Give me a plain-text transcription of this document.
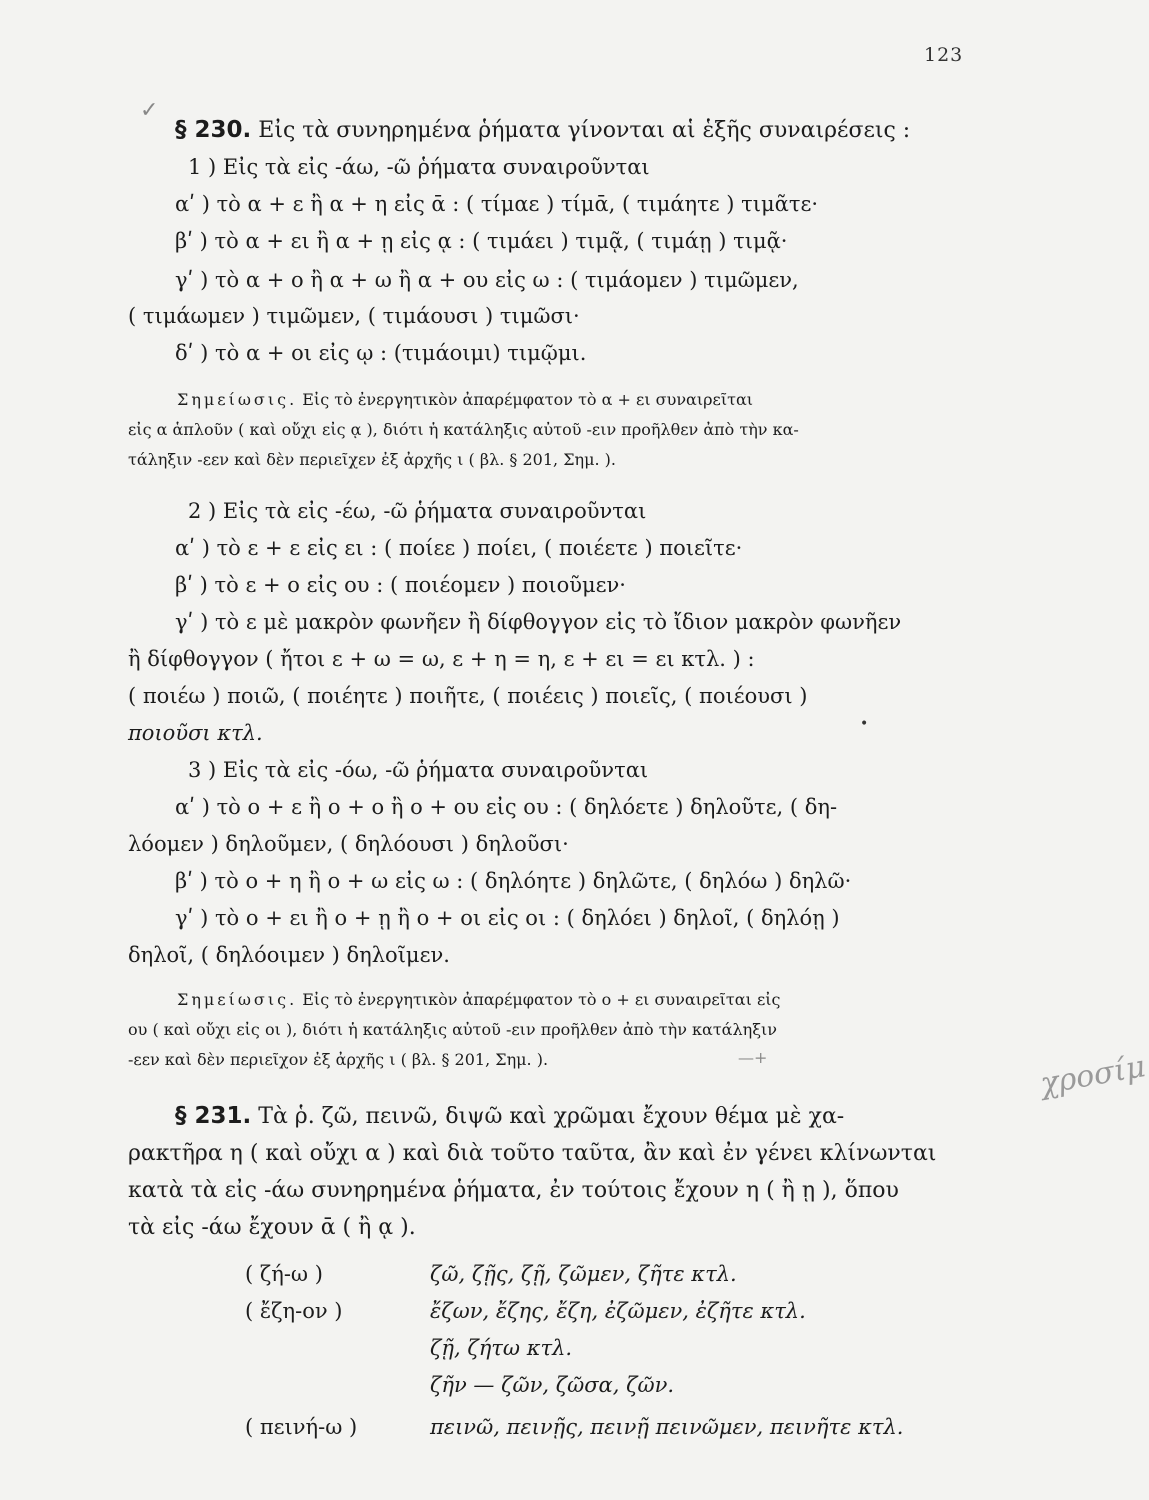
123
✓
§ 230. Εἰς τὰ συνηρημένα ῥήματα γίνονται αἱ ἑξῆς συναιρέσεις :
1 ) Εἰς τὰ εἰς -άω, -ῶ ῥήματα συναιροῦνται
αʹ ) τὸ α + ε ἢ α + η εἰς ᾱ : ( τίμαε ) τίμᾱ, ( τιμάητε ) τιμᾶτε·
βʹ ) τὸ α + ει ἢ α + ῃ εἰς ᾳ : ( τιμάει ) τιμᾷ, ( τιμάῃ ) τιμᾷ·
γʹ ) τὸ α + ο ἢ α + ω ἢ α + ου εἰς ω : ( τιμάομεν ) τιμῶμεν,
( τιμάωμεν ) τιμῶμεν, ( τιμάουσι ) τιμῶσι·
δʹ ) τὸ α + οι εἰς ῳ : (τιμάοιμι) τιμῷμι.
Σημείωσις. Εἰς τὸ ἐνεργητικὸν ἀπαρέμφατον τὸ α + ει συναιρεῖται
εἰς α ἁπλοῦν ( καὶ οὔχι εἰς ᾳ ), διότι ἡ κατάληξις αὐτοῦ -ειν προῆλθεν ἀπὸ τὴν κα-
τάληξιν -εεν καὶ δὲν περιεῖχεν ἐξ ἀρχῆς ι ( βλ. § 201, Σημ. ).
2 ) Εἰς τὰ εἰς -έω, -ῶ ῥήματα συναιροῦνται
αʹ ) τὸ ε + ε εἰς ει : ( ποίεε ) ποίει, ( ποιέετε ) ποιεῖτε·
βʹ ) τὸ ε + ο εἰς ου : ( ποιέομεν ) ποιοῦμεν·
γʹ ) τὸ ε μὲ μακρὸν φωνῆεν ἢ δίφθογγον εἰς τὸ ἴδιον μακρὸν φωνῆεν
ἢ δίφθογγον ( ἤτοι ε + ω = ω, ε + η = η, ε + ει = ει κτλ. ) :
( ποιέω ) ποιῶ, ( ποιέητε ) ποιῆτε, ( ποιέεις ) ποιεῖς, ( ποιέουσι )
ποιοῦσι κτλ.	•
3 ) Εἰς τὰ εἰς -όω, -ῶ ῥήματα συναιροῦνται
αʹ ) τὸ ο + ε ἢ ο + ο ἢ ο + ου εἰς ου : ( δηλόετε ) δηλοῦτε, ( δη-
λόομεν ) δηλοῦμεν, ( δηλόουσι ) δηλοῦσι·
βʹ ) τὸ ο + η ἢ ο + ω εἰς ω : ( δηλόητε ) δηλῶτε, ( δηλόω ) δηλῶ·
γʹ ) τὸ ο + ει ἢ ο + ῃ ἢ ο + οι εἰς οι : ( δηλόει ) δηλοῖ, ( δηλόῃ )
δηλοῖ, ( δηλόοιμεν ) δηλοῖμεν.
Σημείωσις. Εἰς τὸ ἐνεργητικὸν ἀπαρέμφατον τὸ ο + ει συναιρεῖται εἰς
ου ( καὶ οὔχι εἰς οι ), διότι ἡ κατάληξις αὐτοῦ -ειν προῆλθεν ἀπὸ τὴν κατάληξιν
-εεν καὶ δὲν περιεῖχον ἐξ ἀρχῆς ι ( βλ. § 201, Σημ. ).	—+	χροσίμ
§ 231. Τὰ ῥ. ζῶ, πεινῶ, διψῶ καὶ χρῶμαι ἔχουν θέμα μὲ χα-
ρακτῆρα η ( καὶ οὔχι α ) καὶ διὰ τοῦτο ταῦτα, ἂν καὶ ἐν γένει κλίνωνται
κατὰ τὰ εἰς -άω συνηρημένα ῥήματα, ἐν τούτοις ἔχουν η ( ἢ ῃ ), ὅπου
τὰ εἰς -άω ἔχουν ᾱ ( ἢ ᾳ ).
( ζή-ω )	ζῶ, ζῇς, ζῇ, ζῶμεν, ζῆτε κτλ.
( ἔζη-ον )	ἔζων, ἔζης, ἔζη, ἐζῶμεν, ἐζῆτε κτλ.
ζῇ, ζήτω κτλ.
ζῆν — ζῶν, ζῶσα, ζῶν.
( πεινή-ω )	πεινῶ, πεινῇς, πεινῇ πεινῶμεν, πεινῆτε κτλ.
